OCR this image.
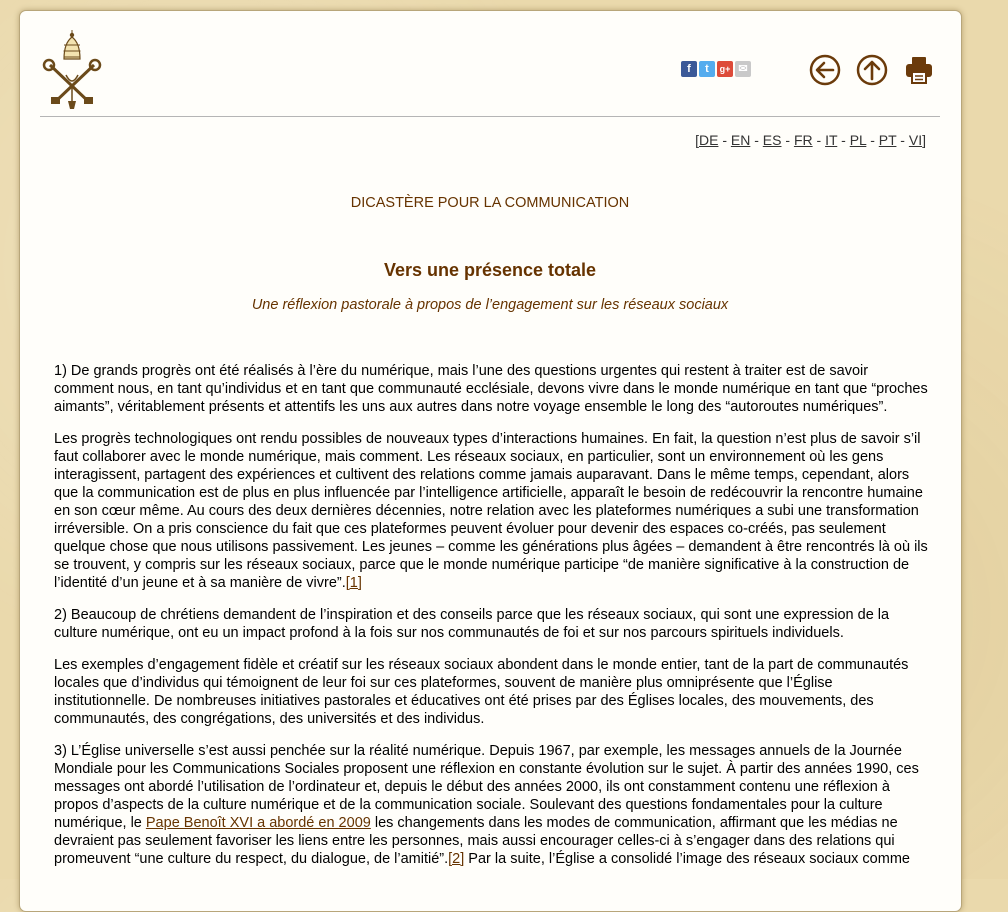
f	t	g+ ✉
[DE - EN - ES - FR - IT - PL - PT - VI]
DICASTÈRE POUR LA COMMUNICATION
Vers une présence totale
Une réflexion pastorale à propos de l’engagement sur les réseaux sociaux

1) De grands progrès ont été réalisés à l’ère du numérique, mais l’une des questions urgentes qui restent à traiter est de savoir comment nous, en tant qu’individus et en tant que communauté ecclésiale, devons vivre dans le monde numérique en tant que “proches aimants”, véritablement présents et attentifs les uns aux autres dans notre voyage ensemble le long des “autoroutes numériques”.

Les progrès technologiques ont rendu possibles de nouveaux types d’interactions humaines. En fait, la question n’est plus de savoir s’il faut collaborer avec le monde numérique, mais comment. Les réseaux sociaux, en particulier, sont un environnement où les gens interagissent, partagent des expériences et cultivent des relations comme jamais auparavant. Dans le même temps, cependant, alors que la communication est de plus en plus influencée par l’intelligence artificielle, apparaît le besoin de redécouvrir la rencontre humaine en son cœur même. Au cours des deux dernières décennies, notre relation avec les plateformes numériques a subi une transformation irréversible. On a pris conscience du fait que ces plateformes peuvent évoluer pour devenir des espaces co-créés, pas seulement quelque chose que nous utilisons passivement. Les jeunes – comme les générations plus âgées – demandent à être rencontrés là où ils se trouvent, y compris sur les réseaux sociaux, parce que le monde numérique participe “de manière significative à la construction de l’identité d’un jeune et à sa manière de vivre”.[1]

2) Beaucoup de chrétiens demandent de l’inspiration et des conseils parce que les réseaux sociaux, qui sont une expression de la culture numérique, ont eu un impact profond à la fois sur nos communautés de foi et sur nos parcours spirituels individuels.

Les exemples d’engagement fidèle et créatif sur les réseaux sociaux abondent dans le monde entier, tant de la part de communautés locales que d’individus qui témoignent de leur foi sur ces plateformes, souvent de manière plus omniprésente que l’Église institutionnelle. De nombreuses initiatives pastorales et éducatives ont été prises par des Églises locales, des mouvements, des communautés, des congrégations, des universités et des individus.

3) L’Église universelle s’est aussi penchée sur la réalité numérique. Depuis 1967, par exemple, les messages annuels de la Journée Mondiale pour les Communications Sociales proposent une réflexion en constante évolution sur le sujet. À partir des années 1990, ces messages ont abordé l’utilisation de l’ordinateur et, depuis le début des années 2000, ils ont constamment contenu une réflexion à propos d’aspects de la culture numérique et de la communication sociale. Soulevant des questions fondamentales pour la culture numérique, le Pape Benoît XVI a abordé en 2009 les changements dans les modes de communication, affirmant que les médias ne devraient pas seulement favoriser les liens entre les personnes, mais aussi encourager celles-ci à s’engager dans des relations qui promeuvent “une culture du respect, du dialogue, de l’amitié”.[2] Par la suite, l’Église a consolidé l’image des réseaux sociaux comme
